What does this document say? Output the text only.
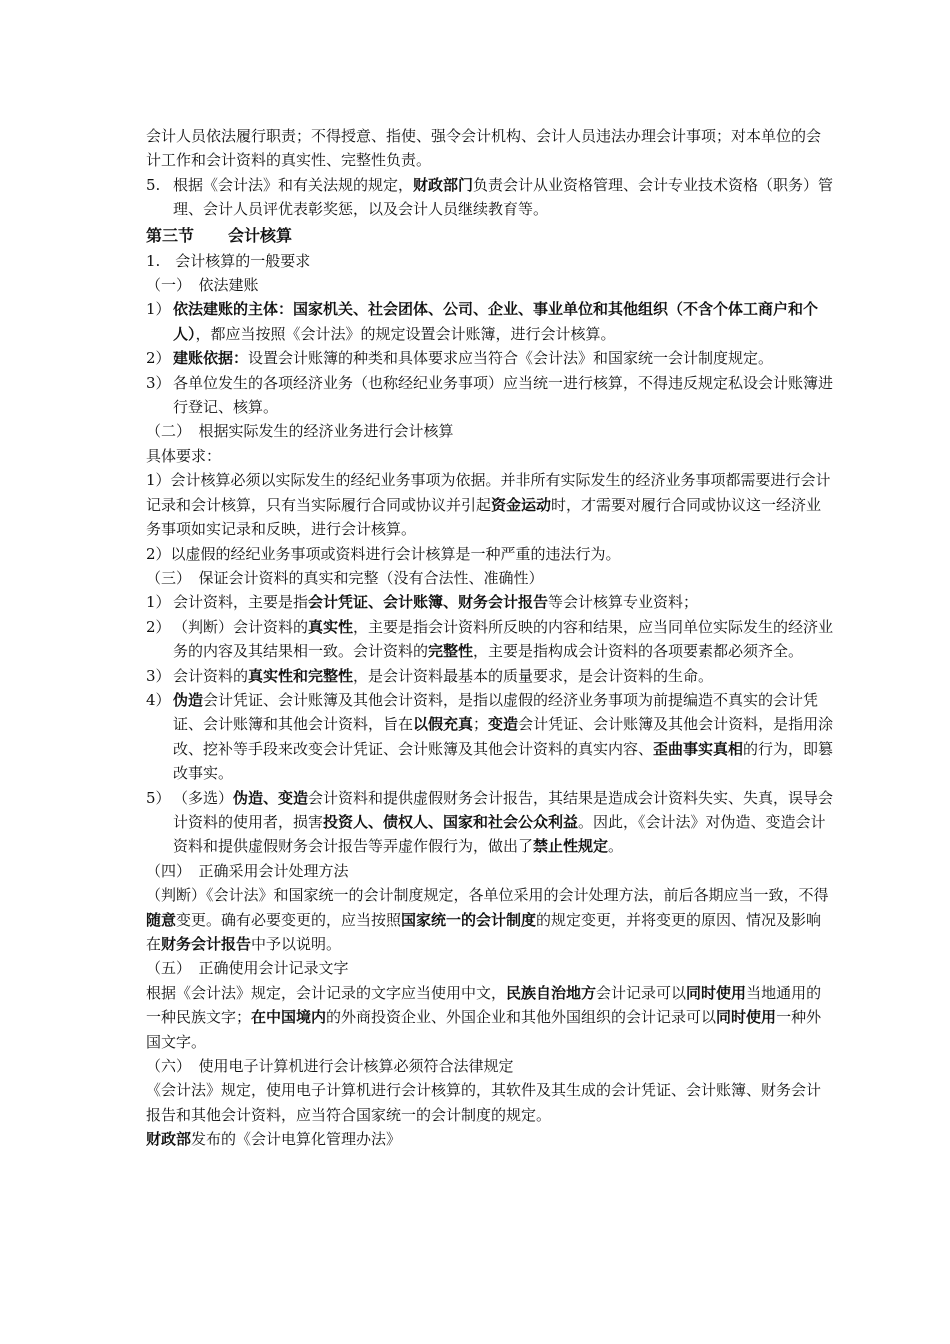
会计人员依法履行职责；不得授意、指使、强令会计机构、会计人员违法办理会计事项；对本单位的会计工作和会计资料的真实性、完整性负责。

5. 根据《会计法》和有关法规的规定，财政部门负责会计从业资格管理、会计专业技术资格（职务）管理、会计人员评优表彰奖惩，以及会计人员继续教育等。

第三节 会计核算

1.　会计核算的一般要求

（一）　依法建账

1） 依法建账的主体：国家机关、社会团体、公司、企业、事业单位和其他组织（不含个体工商户和个人），都应当按照《会计法》的规定设置会计账簿，进行会计核算。

2） 建账依据：设置会计账簿的种类和具体要求应当符合《会计法》和国家统一会计制度规定。

3） 各单位发生的各项经济业务（也称经纪业务事项）应当统一进行核算，不得违反规定私设会计账簿进行登记、核算。

（二）　根据实际发生的经济业务进行会计核算

具体要求：

1）会计核算必须以实际发生的经纪业务事项为依据。并非所有实际发生的经济业务事项都需要进行会计记录和会计核算，只有当实际履行合同或协议并引起资金运动时，才需要对履行合同或协议这一经济业务事项如实记录和反映，进行会计核算。

2）以虚假的经纪业务事项或资料进行会计核算是一种严重的违法行为。

（三）　保证会计资料的真实和完整（没有合法性、准确性）

1） 会计资料，主要是指会计凭证、会计账簿、财务会计报告等会计核算专业资料；

2） （判断）会计资料的真实性，主要是指会计资料所反映的内容和结果，应当同单位实际发生的经济业务的内容及其结果相一致。会计资料的完整性，主要是指构成会计资料的各项要素都必须齐全。

3） 会计资料的真实性和完整性，是会计资料最基本的质量要求，是会计资料的生命。

4） 伪造会计凭证、会计账簿及其他会计资料，是指以虚假的经济业务事项为前提编造不真实的会计凭证、会计账簿和其他会计资料，旨在以假充真；变造会计凭证、会计账簿及其他会计资料，是指用涂改、挖补等手段来改变会计凭证、会计账簿及其他会计资料的真实内容、歪曲事实真相的行为，即篡改事实。

5） （多选）伪造、变造会计资料和提供虚假财务会计报告，其结果是造成会计资料失实、失真，误导会计资料的使用者，损害投资人、债权人、国家和社会公众利益。因此，《会计法》对伪造、变造会计资料和提供虚假财务会计报告等弄虚作假行为，做出了禁止性规定。

（四）　正确采用会计处理方法

（判断）《会计法》和国家统一的会计制度规定，各单位采用的会计处理方法，前后各期应当一致，不得随意变更。确有必要变更的，应当按照国家统一的会计制度的规定变更，并将变更的原因、情况及影响在财务会计报告中予以说明。

（五）　正确使用会计记录文字

根据《会计法》规定，会计记录的文字应当使用中文，民族自治地方会计记录可以同时使用当地通用的一种民族文字；在中国境内的外商投资企业、外国企业和其他外国组织的会计记录可以同时使用一种外国文字。

（六）　使用电子计算机进行会计核算必须符合法律规定

《会计法》规定，使用电子计算机进行会计核算的，其软件及其生成的会计凭证、会计账簿、财务会计报告和其他会计资料，应当符合国家统一的会计制度的规定。

财政部发布的《会计电算化管理办法》
